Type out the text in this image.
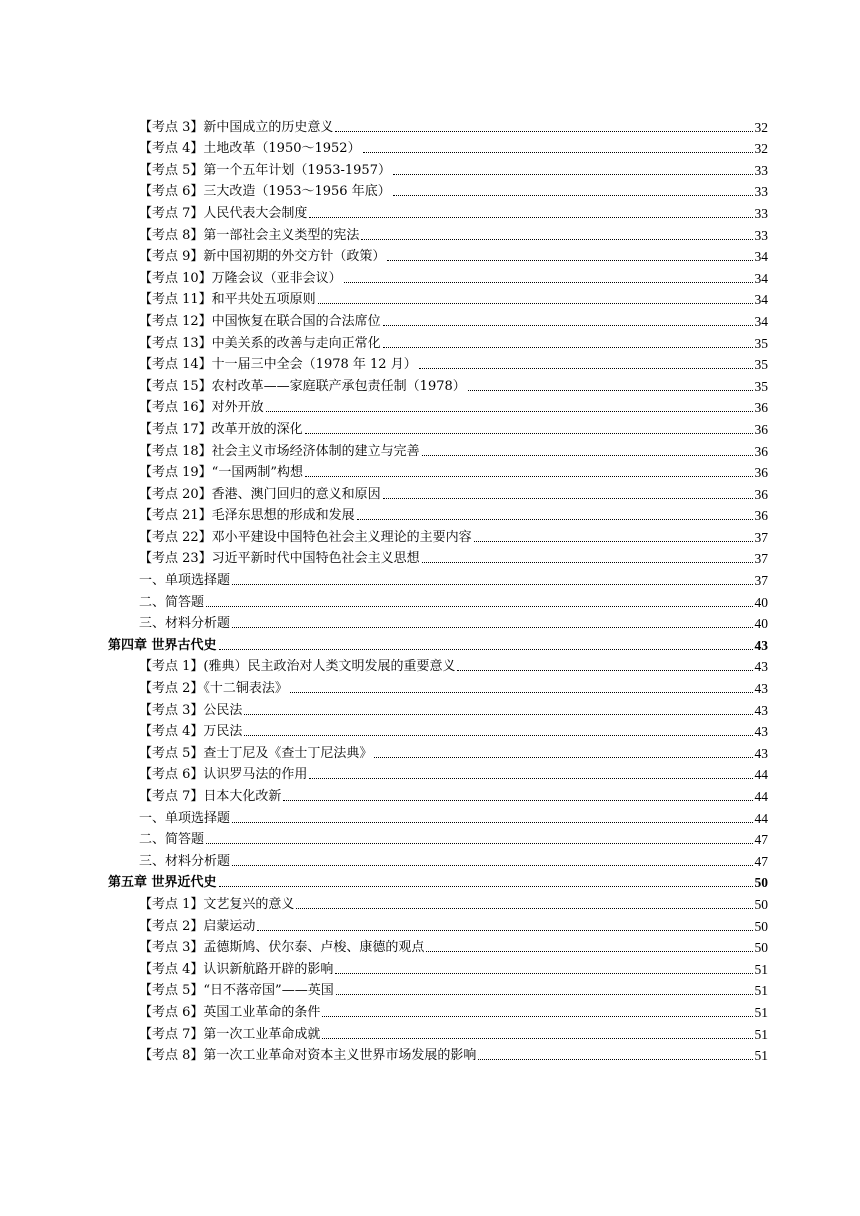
【考点 3】新中国成立的历史意义	32
【考点 4】土地改革（1950～1952）	32
【考点 5】第一个五年计划（1953-1957）	33
【考点 6】三大改造（1953～1956 年底）	33
【考点 7】人民代表大会制度	33
【考点 8】第一部社会主义类型的宪法	33
【考点 9】新中国初期的外交方针（政策）	34
【考点 10】万隆会议（亚非会议）	34
【考点 11】和平共处五项原则	34
【考点 12】中国恢复在联合国的合法席位	34
【考点 13】中美关系的改善与走向正常化	35
【考点 14】十一届三中全会（1978 年 12 月）	35
【考点 15】农村改革——家庭联产承包责任制（1978）	35
【考点 16】对外开放	36
【考点 17】改革开放的深化	36
【考点 18】社会主义市场经济体制的建立与完善	36
【考点 19】“一国两制”构想	36
【考点 20】香港、澳门回归的意义和原因	36
【考点 21】毛泽东思想的形成和发展	36
【考点 22】邓小平建设中国特色社会主义理论的主要内容	37
【考点 23】习近平新时代中国特色社会主义思想	37
一、单项选择题	37
二、简答题	40
三、材料分析题	40
第四章 世界古代史	43
【考点 1】(雅典）民主政治对人类文明发展的重要意义	43
【考点 2】《十二铜表法》	43
【考点 3】公民法	43
【考点 4】万民法	43
【考点 5】查士丁尼及《查士丁尼法典》	43
【考点 6】认识罗马法的作用	44
【考点 7】日本大化改新	44
一、单项选择题	44
二、简答题	47
三、材料分析题	47
第五章 世界近代史	50
【考点 1】文艺复兴的意义	50
【考点 2】启蒙运动	50
【考点 3】孟德斯鸠、伏尔泰、卢梭、康德的观点	50
【考点 4】认识新航路开辟的影响	51
【考点 5】“日不落帝国”——英国	51
【考点 6】英国工业革命的条件	51
【考点 7】第一次工业革命成就	51
【考点 8】第一次工业革命对资本主义世界市场发展的影响	51
